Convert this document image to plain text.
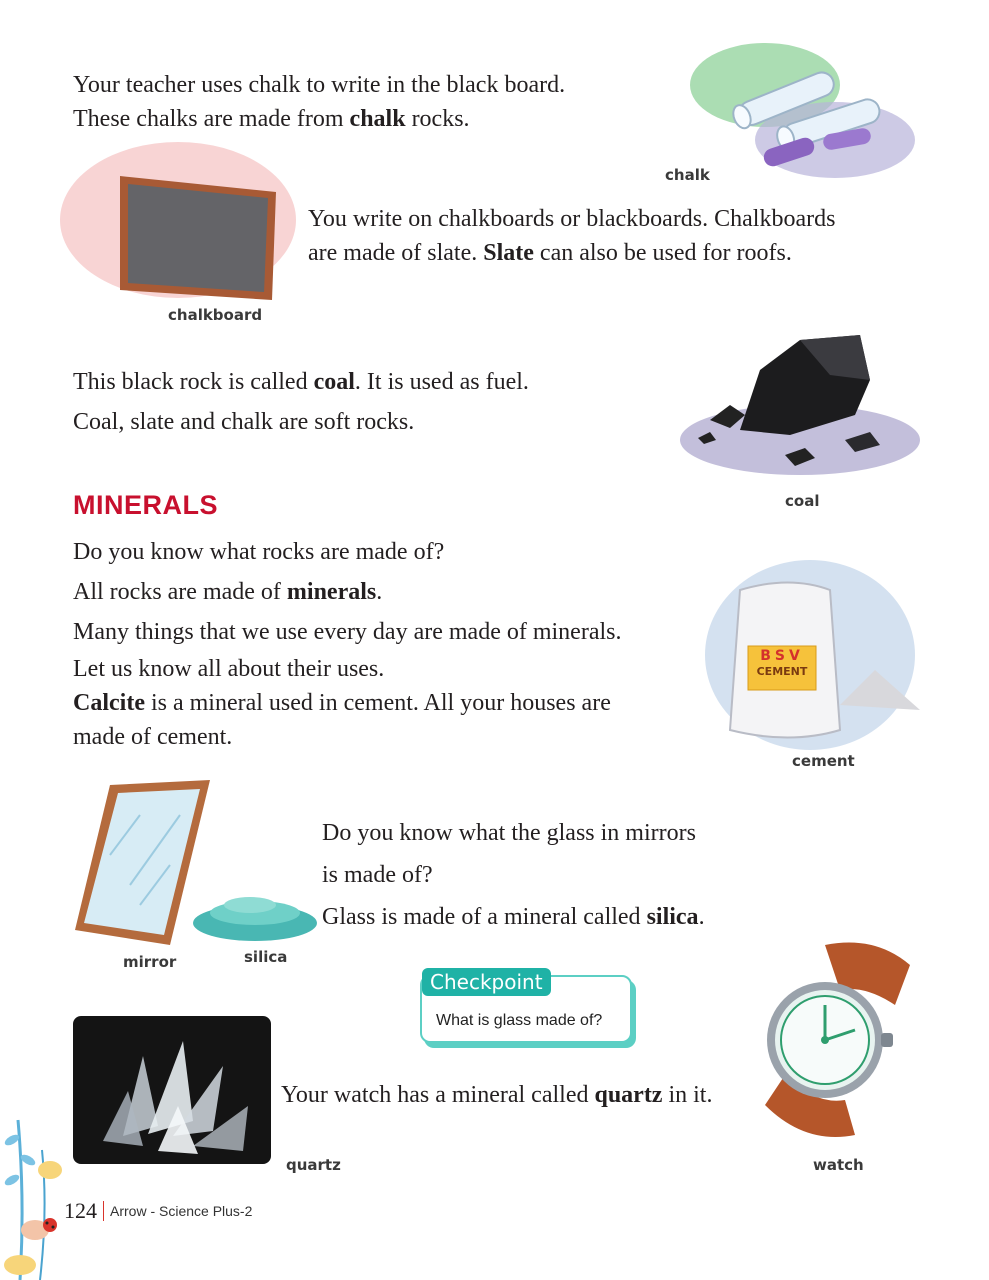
Your teacher uses chalk to write in the black board.
These chalks are made from chalk rocks.
chalk
chalkboard
You write on chalkboards or blackboards. Chalkboards
are made of slate. Slate can also be used for roofs.
This black rock is called coal. It is used as fuel.
Coal, slate and chalk are soft rocks.
coal
MINERALS
Do you know what rocks are made of?
All rocks are made of minerals.
Many things that we use every day are made of minerals.
Let us know all about their uses.
Calcite is a mineral used in cement. All your houses are
made of cement.
BSV
CEMENT
cement
mirror	silica
Do you know what the glass in mirrors
is made of?
Glass is made of a mineral called silica.
Checkpoint
What is glass made of?
quartz
Your watch has a mineral called quartz in it.
watch
124 Arrow - Science Plus-2
